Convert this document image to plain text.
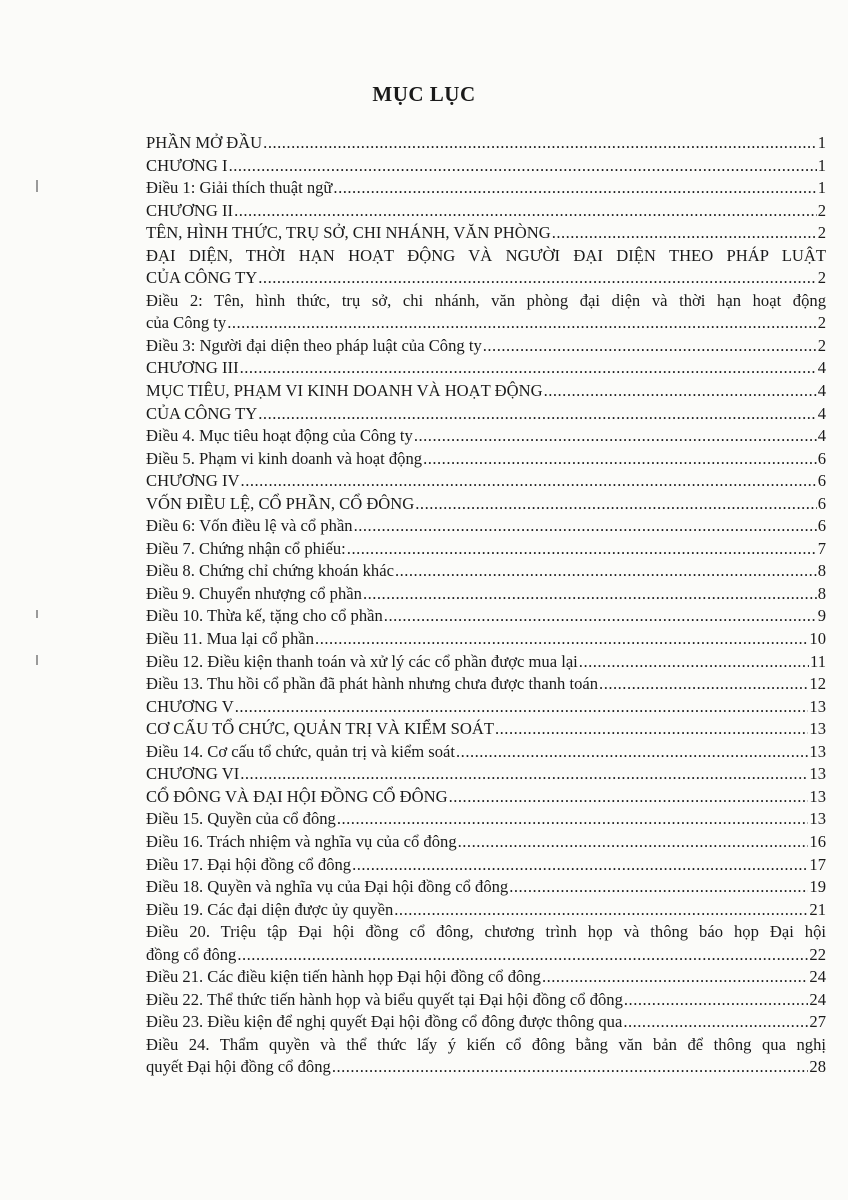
MỤC LỤC
PHẦN MỞ ĐẦU .....	1
CHƯƠNG I .....	1
Điều 1: Giải thích thuật ngữ .....	1
CHƯƠNG II .....	2
TÊN, HÌNH THỨC, TRỤ SỞ, CHI NHÁNH, VĂN PHÒNG .....	2
ĐẠI DIỆN, THỜI HẠN HOẠT ĐỘNG VÀ NGƯỜI ĐẠI DIỆN THEO PHÁP LUẬT
CỦA CÔNG TY .....	2
Điều 2: Tên, hình thức, trụ sở, chi nhánh, văn phòng đại diện và thời hạn hoạt động
của Công ty .....	2
Điều 3: Người đại diện theo pháp luật của Công ty .....	2
CHƯƠNG III .....	4
MỤC TIÊU, PHẠM VI KINH DOANH VÀ HOẠT ĐỘNG .....	4
CỦA CÔNG TY .....	4
Điều 4. Mục tiêu hoạt động của Công ty .....	4
Điều 5. Phạm vi kinh doanh và hoạt động .....	6
CHƯƠNG IV .....	6
VỐN ĐIỀU LỆ, CỔ PHẦN, CỔ ĐÔNG .....	6
Điều 6: Vốn điều lệ và cổ phần .....	6
Điều 7. Chứng nhận cổ phiếu: .....	7
Điều 8. Chứng chỉ chứng khoán khác .....	8
Điều 9. Chuyển nhượng cổ phần .....	8
Điều 10. Thừa kế, tặng cho cổ phần .....	9
Điều 11. Mua lại cổ phần .....	10
Điều 12. Điều kiện thanh toán và xử lý các cổ phần được mua lại .....	11
Điều 13. Thu hồi cổ phần đã phát hành nhưng chưa được thanh toán .....	12
CHƯƠNG V .....	13
CƠ CẤU TỔ CHỨC, QUẢN TRỊ VÀ KIỂM SOÁT .....	13
Điều 14. Cơ cấu tổ chức, quản trị và kiểm soát .....	13
CHƯƠNG VI .....	13
CỔ ĐÔNG VÀ ĐẠI HỘI ĐỒNG CỔ ĐÔNG .....	13
Điều 15. Quyền của cổ đông .....	13
Điều 16. Trách nhiệm và nghĩa vụ của cổ đông .....	16
Điều 17. Đại hội đồng cổ đông .....	17
Điều 18. Quyền và nghĩa vụ của Đại hội đồng cổ đông .....	19
Điều 19. Các đại diện được ủy quyền .....	21
Điều 20. Triệu tập Đại hội đồng cổ đông, chương trình họp và thông báo họp Đại hội
đồng cổ đông .....	22
Điều 21. Các điều kiện tiến hành họp Đại hội đồng cổ đông .....	24
Điều 22. Thể thức tiến hành họp và biểu quyết tại Đại hội đồng cổ đông .....	24
Điều 23. Điều kiện để nghị quyết Đại hội đồng cổ đông được thông qua .....	27
Điều 24. Thẩm quyền và thể thức lấy ý kiến cổ đông bằng văn bản để thông qua nghị
quyết Đại hội đồng cổ đông .....	28
